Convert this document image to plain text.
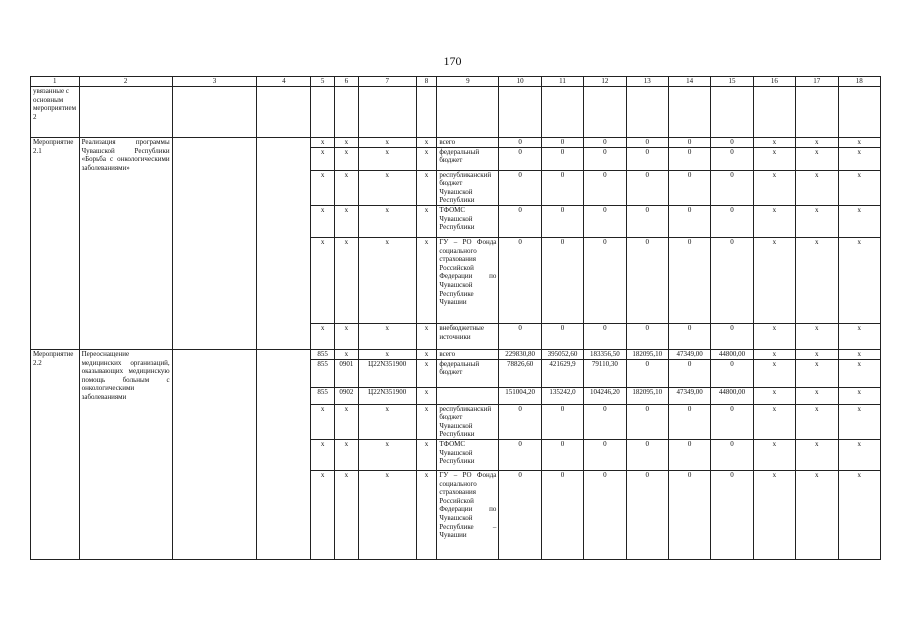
170
1	2	3	4	5	6	7	8	9	10	11	12	13	14	15	16	17	18
увязанные с основным мероприятием 2																	
Мероприятие 2.1	Реализация программы Чувашской Республики «Борьба с онкологическими заболеваниями»			x	x	x	x	всего	0	0	0	0	0	0	x	x	x
				x	x	x	x	федеральный бюджет	0	0	0	0	0	0	x	x	x
				x	x	x	x	республиканский бюджет Чувашской Республики	0	0	0	0	0	0	x	x	x
				x	x	x	x	ТФОМС Чувашской Республики	0	0	0	0	0	0	x	x	x
				x	x	x	x	ГУ – РО Фонда социального страхования Российской Федерации по Чувашской Республике Чувашии	0	0	0	0	0	0	x	x	x
				x	x	x	x	внебюджетные источники	0	0	0	0	0	0	x	x	x
Мероприятие 2.2	Переоснащение медицинских организаций, оказывающих медицинскую помощь больным с онкологическими заболеваниями			855	x	x	x	всего	229830,80	395052,60	183356,50	182095,10	47349,00	44800,00	x	x	x
				855	0901	Ц22N351900	x	федеральный бюджет	78826,60	421629,9	79110,30	0	0	0	x	x	x
				855	0902	Ц22N351900	x		151004,20	135242,0	104246,20	182095,10	47349,00	44800,00	x	x	x
				x	x	x	x	республиканский бюджет Чувашской Республики	0	0	0	0	0	0	x	x	x
				x	x	x	x	ТФОМС Чувашской Республики	0	0	0	0	0	0	x	x	x
				x	x	x	x	ГУ – РО Фонда социального страхования Российской Федерации по Чувашской Республике – Чувашии	0	0	0	0	0	0	x	x	x
